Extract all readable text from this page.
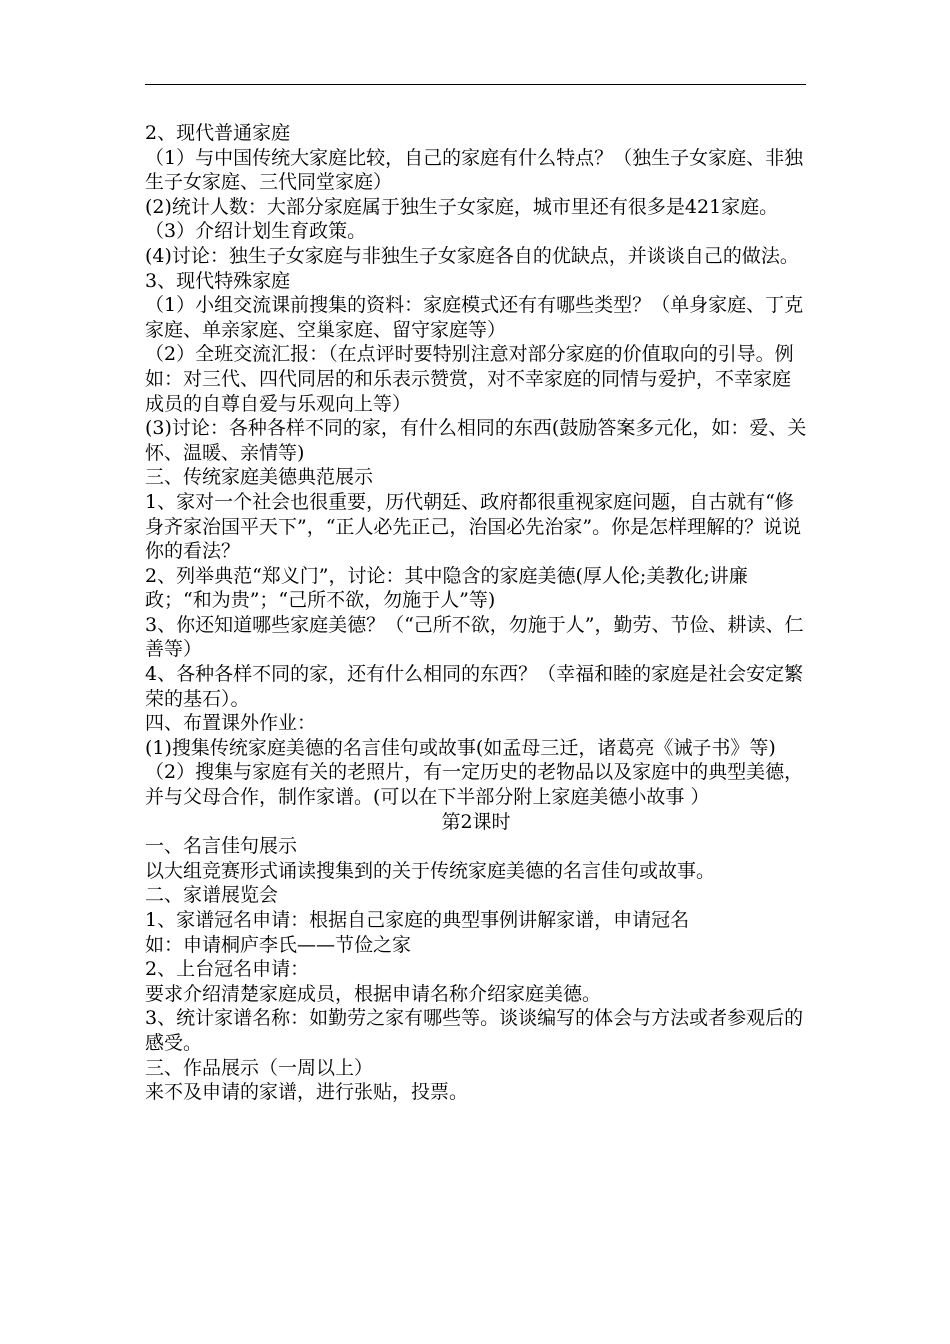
2、现代普通家庭

（1）与中国传统大家庭比较，自己的家庭有什么特点？（独生子女家庭、非独生子女家庭、三代同堂家庭）

(2)统计人数：大部分家庭属于独生子女家庭，城市里还有很多是421家庭。

（3）介绍计划生育政策。

(4)讨论：独生子女家庭与非独生子女家庭各自的优缺点，并谈谈自己的做法。

3、现代特殊家庭

（1）小组交流课前搜集的资料：家庭模式还有有哪些类型？（单身家庭、丁克家庭、单亲家庭、空巢家庭、留守家庭等）

（2）全班交流汇报：（在点评时要特别注意对部分家庭的价值取向的引导。例如：对三代、四代同居的和乐表示赞赏，对不幸家庭的同情与爱护，不幸家庭成员的自尊自爱与乐观向上等）

(3)讨论：各种各样不同的家，有什么相同的东西(鼓励答案多元化，如：爱、关怀、温暖、亲情等)

三、传统家庭美德典范展示

1、家对一个社会也很重要，历代朝廷、政府都很重视家庭问题，自古就有“修身齐家治国平天下”，“正人必先正己，治国必先治家”。你是怎样理解的？说说你的看法？

2、列举典范“郑义门”，讨论：其中隐含的家庭美德(厚人伦;美教化;讲廉政；“和为贵”；“己所不欲，勿施于人”等)

3、你还知道哪些家庭美德？（“己所不欲，勿施于人”，勤劳、节俭、耕读、仁善等）

4、各种各样不同的家，还有什么相同的东西？（幸福和睦的家庭是社会安定繁荣的基石）。

四、布置课外作业：

(1)搜集传统家庭美德的名言佳句或故事(如孟母三迁，诸葛亮《诫子书》等)

（2）搜集与家庭有关的老照片，有一定历史的老物品以及家庭中的典型美德，并与父母合作，制作家谱。(可以在下半部分附上家庭美德小故事 ）

第2课时

一、名言佳句展示

以大组竞赛形式诵读搜集到的关于传统家庭美德的名言佳句或故事。

二、家谱展览会

1、家谱冠名申请：根据自己家庭的典型事例讲解家谱，申请冠名

如：申请桐庐李氏——节俭之家

2、上台冠名申请：

要求介绍清楚家庭成员，根据申请名称介绍家庭美德。

3、统计家谱名称：如勤劳之家有哪些等。谈谈编写的体会与方法或者参观后的感受。

三、作品展示（一周以上）

来不及申请的家谱，进行张贴，投票。
